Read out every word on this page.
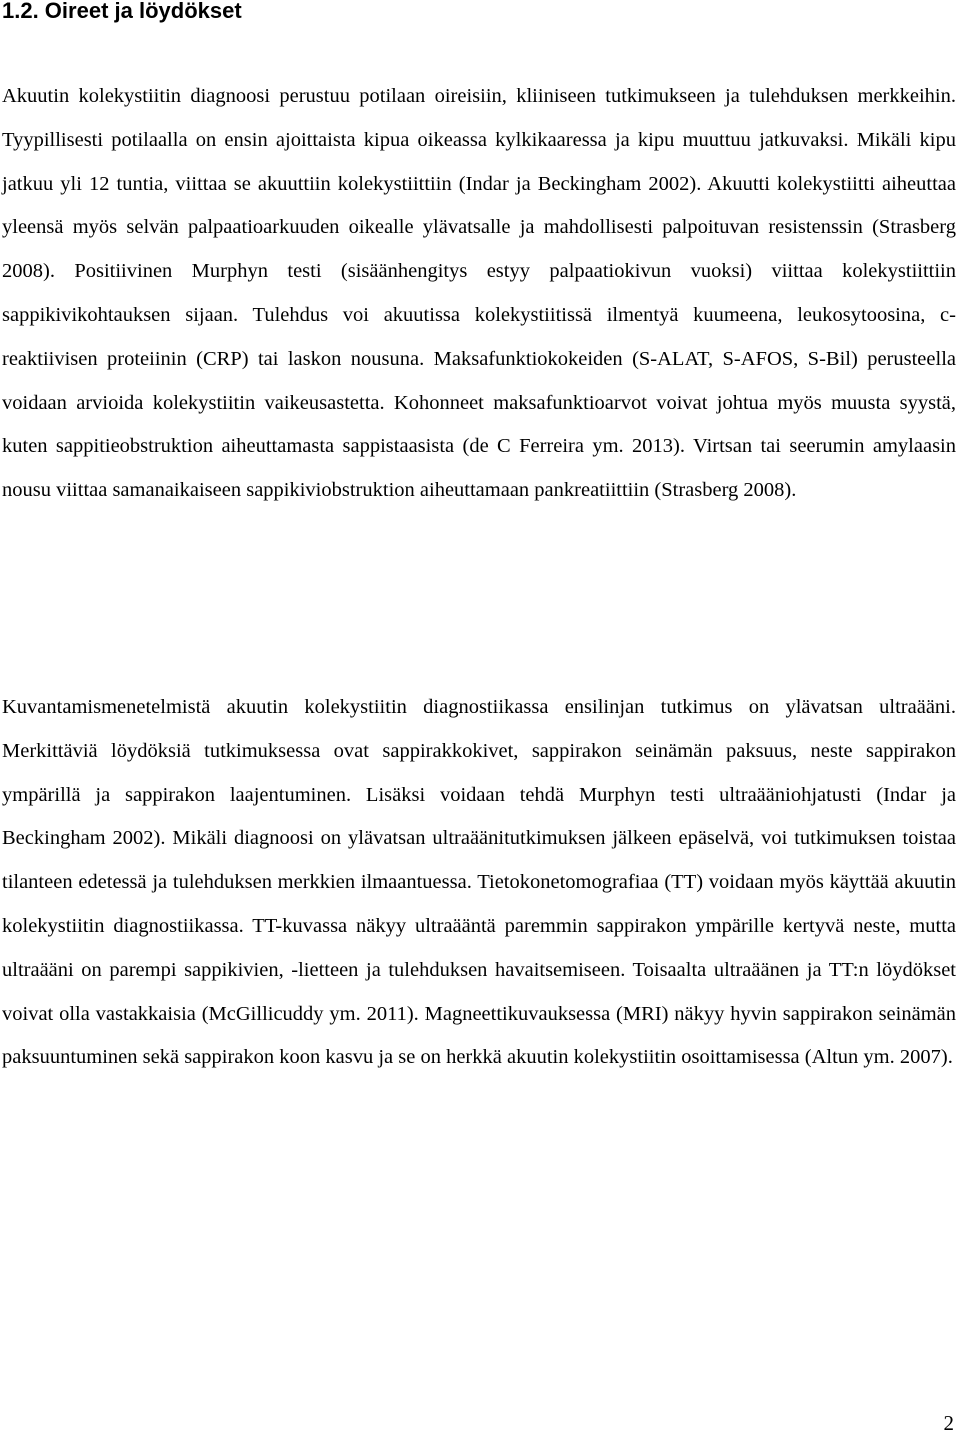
1.2. Oireet ja löydökset

Akuutin kolekystiitin diagnoosi perustuu potilaan oireisiin, kliiniseen tutkimukseen ja tulehduksen merkkeihin. Tyypillisesti potilaalla on ensin ajoittaista kipua oikeassa kylkikaaressa ja kipu muuttuu jatkuvaksi. Mikäli kipu jatkuu yli 12 tuntia, viittaa se akuuttiin kolekystiittiin (Indar ja Beckingham 2002). Akuutti kolekystiitti aiheuttaa yleensä myös selvän palpaatioarkuuden oikealle ylävatsalle ja mahdollisesti palpoituvan resistenssin (Strasberg 2008). Positiivinen Murphyn testi (sisäänhengitys estyy palpaatiokivun vuoksi) viittaa kolekystiittiin sappikivikohtauksen sijaan. Tulehdus voi akuutissa kolekystiitissä ilmentyä kuumeena, leukosytoosina, c-reaktiivisen proteiinin (CRP) tai laskon nousuna. Maksafunktiokokeiden (S-ALAT, S-AFOS, S-Bil) perusteella voidaan arvioida kolekystiitin vaikeusastetta. Kohonneet maksafunktioarvot voivat johtua myös muusta syystä, kuten sappitieobstruktion aiheuttamasta sappistaasista (de C Ferreira ym. 2013). Virtsan tai seerumin amylaasin nousu viittaa samanaikaiseen sappikiviobstruktion aiheuttamaan pankreatiittiin (Strasberg 2008).

Kuvantamismenetelmistä akuutin kolekystiitin diagnostiikassa ensilinjan tutkimus on ylävatsan ultraääni. Merkittäviä löydöksiä tutkimuksessa ovat sappirakkokivet, sappirakon seinämän paksuus, neste sappirakon ympärillä ja sappirakon laajentuminen. Lisäksi voidaan tehdä Murphyn testi ultraääniohjatusti (Indar ja Beckingham 2002). Mikäli diagnoosi on ylävatsan ultraäänitutkimuksen jälkeen epäselvä, voi tutkimuksen toistaa tilanteen edetessä ja tulehduksen merkkien ilmaantuessa. Tietokonetomografiaa (TT) voidaan myös käyttää akuutin kolekystiitin diagnostiikassa. TT-kuvassa näkyy ultraääntä paremmin sappirakon ympärille kertyvä neste, mutta ultraääni on parempi sappikivien, -lietteen ja tulehduksen havaitsemiseen. Toisaalta ultraäänen ja TT:n löydökset voivat olla vastakkaisia (McGillicuddy ym. 2011). Magneettikuvauksessa (MRI) näkyy hyvin sappirakon seinämän paksuuntuminen sekä sappirakon koon kasvu ja se on herkkä akuutin kolekystiitin osoittamisessa (Altun ym. 2007).

2
